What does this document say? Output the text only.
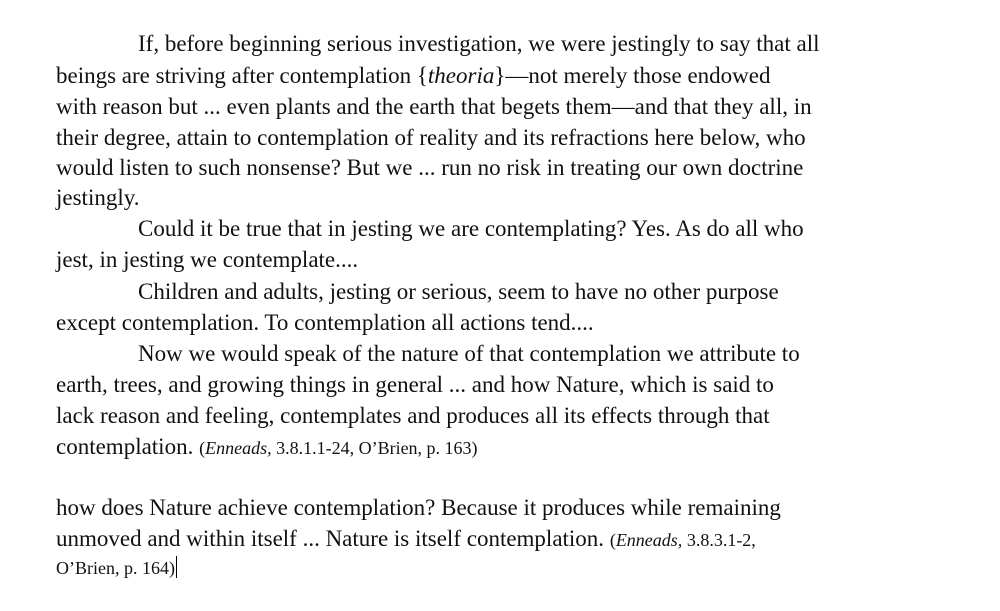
If, before beginning serious investigation, we were jestingly to say that all
beings are striving after contemplation {theoria}—not merely those endowed
with reason but ... even plants and the earth that begets them—and that they all, in
their degree, attain to contemplation of reality and its refractions here below, who
would listen to such nonsense? But we ... run no risk in treating our own doctrine
jestingly.
Could it be true that in jesting we are contemplating? Yes. As do all who
jest, in jesting we contemplate....
Children and adults, jesting or serious, seem to have no other purpose
except contemplation. To contemplation all actions tend....
Now we would speak of the nature of that contemplation we attribute to
earth, trees, and growing things in general ... and how Nature, which is said to
lack reason and feeling, contemplates and produces all its effects through that
contemplation. (Enneads, 3.8.1.1-24, O’Brien, p. 163)
how does Nature achieve contemplation? Because it produces while remaining
unmoved and within itself ... Nature is itself contemplation. (Enneads, 3.8.3.1-2,
O’Brien, p. 164)
